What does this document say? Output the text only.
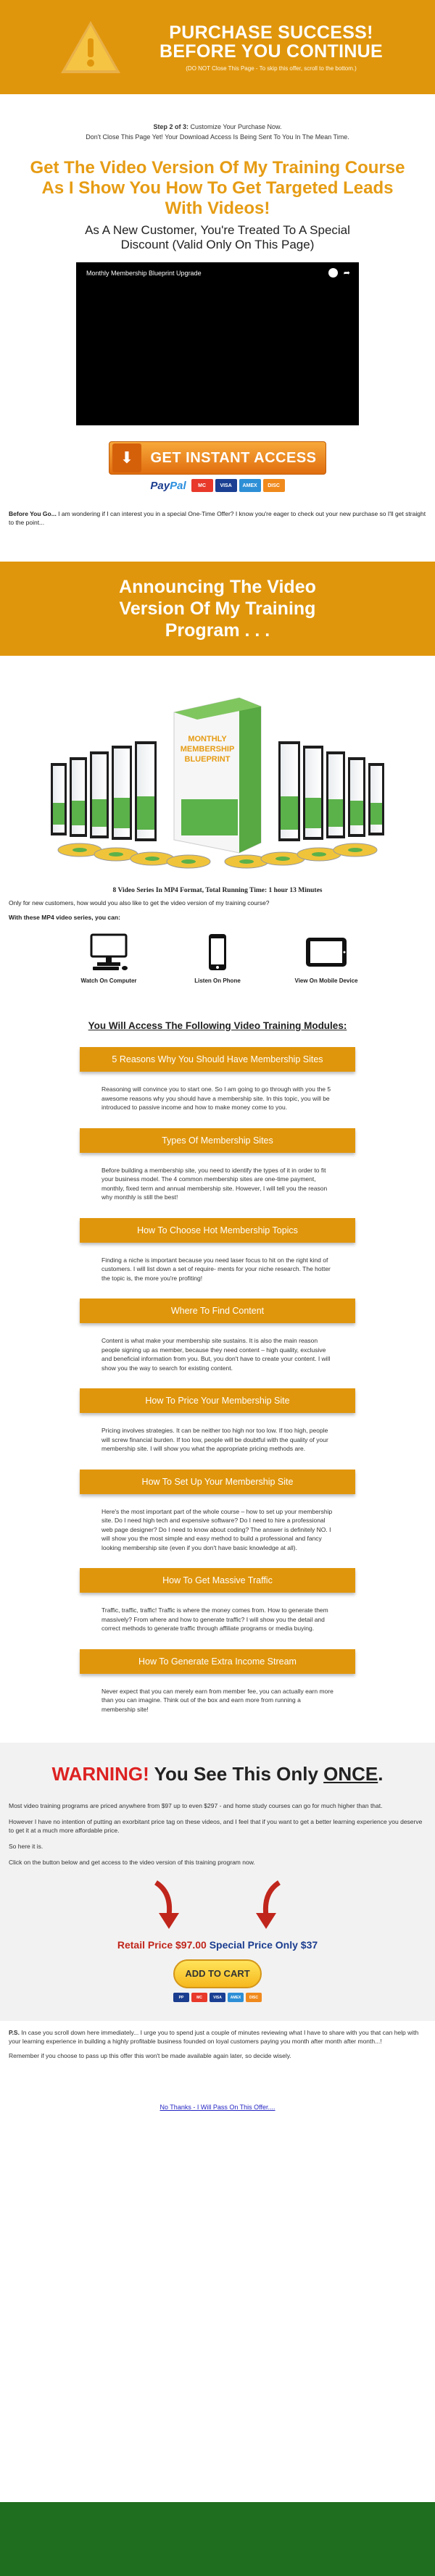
PURCHASE SUCCESS!
BEFORE YOU CONTINUE
(DO NOT Close This Page - To skip this offer, scroll to the bottom.)
Step 2 of 3: Customize Your Purchase Now.
Don't Close This Page Yet! Your Download Access Is Being Sent To You In The Mean Time.
Get The Video Version Of My Training Course As I Show You How To Get Targeted Leads With Videos!
As A New Customer, You're Treated To A Special Discount (Valid Only On This Page)
Monthly Membership Blueprint Upgrade	➦
⬇	GET INSTANT ACCESS
PayPal	MC	VISA	AMEX	DISC
Before You Go... I am wondering if I can interest you in a special One-Time Offer? I know you're eager to check out your new purchase so I'll get straight to the point...
Announcing The Video Version Of My Training Program . . .
MONTHLY
MEMBERSHIP
BLUEPRINT
8 Video Series In MP4 Format, Total Running Time: 1 hour 13 Minutes
Only for new customers, how would you also like to get the video version of my training course?
With these MP4 video series, you can:
Watch On Computer	Listen On Phone	View On Mobile Device
You Will Access The Following Video Training Modules:
5 Reasons Why You Should Have Membership Sites
Reasoning will convince you to start one. So I am going to go through with you the 5 awesome reasons why you should have a membership site. In this topic, you will be introduced to passive income and how to make money come to you.
Types Of Membership Sites
Before building a membership site, you need to identify the types of it in order to fit your business model. The 4 common membership sites are one-time payment, monthly, fixed term and annual membership site. However, I will tell you the reason why monthly is still the best!
How To Choose Hot Membership Topics
Finding a niche is important because you need laser focus to hit on the right kind of customers. I will list down a set of require- ments for your niche research. The hotter the topic is, the more you're profiting!
Where To Find Content
Content is what make your membership site sustains. It is also the main reason people signing up as member, because they need content – high quality, exclusive and beneficial information from you. But, you don't have to create your content. I will show you the way to search for existing content.
How To Price Your Membership Site
Pricing involves strategies. It can be neither too high nor too low. If too high, people will screw financial burden. If too low, people will be doubtful with the quality of your membership site. I will show you what the appropriate pricing methods are.
How To Set Up Your Membership Site
Here's the most important part of the whole course – how to set up your membership site. Do I need high tech and expensive software? Do I need to hire a professional web page designer? Do I need to know about coding? The answer is definitely NO. I will show you the most simple and easy method to build a professional and fancy looking membership site (even if you don't have basic knowledge at all).
How To Get Massive Traffic
Traffic, traffic, traffic! Traffic is where the money comes from. How to generate them massively? From where and how to generate traffic? I will show you the detail and correct methods to generate traffic through affiliate programs or media buying.
How To Generate Extra Income Stream
Never expect that you can merely earn from member fee, you can actually earn more than you can imagine. Think out of the box and earn more from running a membership site!
WARNING! You See This Only ONCE.
Most video training programs are priced anywhere from $97 up to even $297 - and home study courses can go for much higher than that.
However I have no intention of putting an exorbitant price tag on these videos, and I feel that if you want to get a better learning experience you deserve to get it at a much more affordable price.
So here it is.
Click on the button below and get access to the video version of this training program now.
Retail Price $97.00 Special Price Only $37
ADD TO CART
PP	MC	VISA	AMEX	DISC
P.S. In case you scroll down here immediately... I urge you to spend just a couple of minutes reviewing what I have to share with you that can help with your learning experience in building a highly profitable business founded on loyal customers paying you month after month after month...!
Remember if you choose to pass up this offer this won't be made available again later, so decide wisely.
No Thanks - I Will Pass On This Offer....
